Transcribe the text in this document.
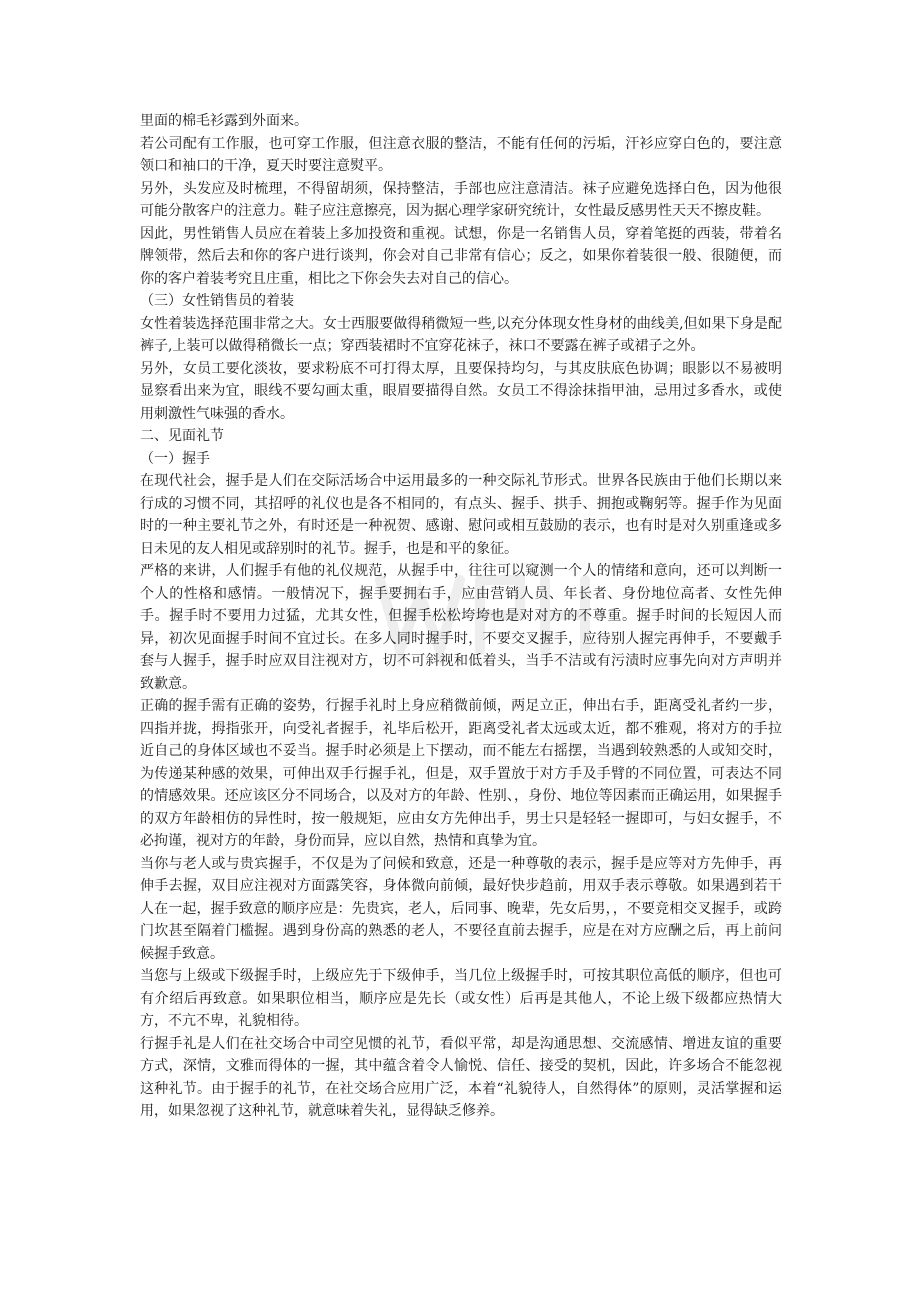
里面的棉毛衫露到外面来。

若公司配有工作服，也可穿工作服，但注意衣服的整洁，不能有任何的污垢，汗衫应穿白色的，要注意领口和袖口的干净，夏天时要注意熨平。

另外，头发应及时梳理，不得留胡须，保持整洁，手部也应注意清洁。袜子应避免选择白色，因为他很可能分散客户的注意力。鞋子应注意擦亮，因为据心理学家研究统计，女性最反感男性天天不擦皮鞋。

因此，男性销售人员应在着装上多加投资和重视。试想，你是一名销售人员，穿着笔挺的西装，带着名牌领带，然后去和你的客户进行谈判，你会对自己非常有信心；反之，如果你着装很一般、很随便，而你的客户着装考究且庄重，相比之下你会失去对自己的信心。

（三）女性销售员的着装

女性着装选择范围非常之大。女士西服要做得稍微短一些,以充分体现女性身材的曲线美,但如果下身是配裤子,上装可以做得稍微长一点；穿西装裙时不宜穿花袜子，袜口不要露在裤子或裙子之外。

另外，女员工要化淡妆，要求粉底不可打得太厚，且要保持均匀，与其皮肤底色协调；眼影以不易被明显察看出来为宜，眼线不要勾画太重，眼眉要描得自然。女员工不得涂抹指甲油，忌用过多香水，或使用刺激性气味强的香水。

二、见面礼节

（一）握手

在现代社会，握手是人们在交际活场合中运用最多的一种交际礼节形式。世界各民族由于他们长期以来行成的习惯不同，其招呼的礼仪也是各不相同的，有点头、握手、拱手、拥抱或鞠躬等。握手作为见面时的一种主要礼节之外，有时还是一种祝贺、感谢、慰问或相互鼓励的表示，也有时是对久别重逢或多日未见的友人相见或辞别时的礼节。握手，也是和平的象征。

严格的来讲，人们握手有他的礼仪规范，从握手中，往往可以窥测一个人的情绪和意向，还可以判断一个人的性格和感情。一般情况下，握手要拥右手，应由营销人员、年长者、身份地位高者、女性先伸手。握手时不要用力过猛，尤其女性，但握手松松垮垮也是对对方的不尊重。握手时间的长短因人而异，初次见面握手时间不宜过长。在多人同时握手时，不要交叉握手，应待别人握完再伸手，不要戴手套与人握手，握手时应双目注视对方，切不可斜视和低着头，当手不洁或有污渍时应事先向对方声明并致歉意。

正确的握手需有正确的姿势，行握手礼时上身应稍微前倾，两足立正，伸出右手，距离受礼者约一步，四指并拢，拇指张开，向受礼者握手，礼毕后松开，距离受礼者太远或太近，都不雅观，将对方的手拉近自己的身体区域也不妥当。握手时必须是上下摆动，而不能左右摇摆，当遇到较熟悉的人或知交时，为传递某种感的效果，可伸出双手行握手礼，但是，双手置放于对方手及手臂的不同位置，可表达不同的情感效果。还应该区分不同场合，以及对方的年龄、性别、，身份、地位等因素而正确运用，如果握手的双方年龄相仿的异性时，按一般规矩，应由女方先伸出手，男士只是轻轻一握即可，与妇女握手，不必拘谨，视对方的年龄，身份而异，应以自然，热情和真挚为宜。

当你与老人或与贵宾握手，不仅是为了问候和致意，还是一种尊敬的表示，握手是应等对方先伸手，再伸手去握，双目应注视对方面露笑容，身体微向前倾，最好快步趋前，用双手表示尊敬。如果遇到若干人在一起，握手致意的顺序应是：先贵宾，老人，后同事、晚辈，先女后男，，不要竞相交叉握手，或跨门坎甚至隔着门槛握。遇到身份高的熟悉的老人，不要径直前去握手，应是在对方应酬之后，再上前问候握手致意。

当您与上级或下级握手时，上级应先于下级伸手，当几位上级握手时，可按其职位高低的顺序，但也可有介绍后再致意。如果职位相当，顺序应是先长（或女性）后再是其他人，不论上级下级都应热情大方，不亢不卑，礼貌相待。

行握手礼是人们在社交场合中司空见惯的礼节，看似平常，却是沟通思想、交流感情、增进友谊的重要方式，深情，文雅而得体的一握，其中蕴含着令人愉悦、信任、接受的契机，因此，许多场合不能忽视这种礼节。由于握手的礼节，在社交场合应用广泛，本着“礼貌待人，自然得体”的原则，灵活掌握和运用，如果忽视了这种礼节，就意味着失礼，显得缺乏修养。
